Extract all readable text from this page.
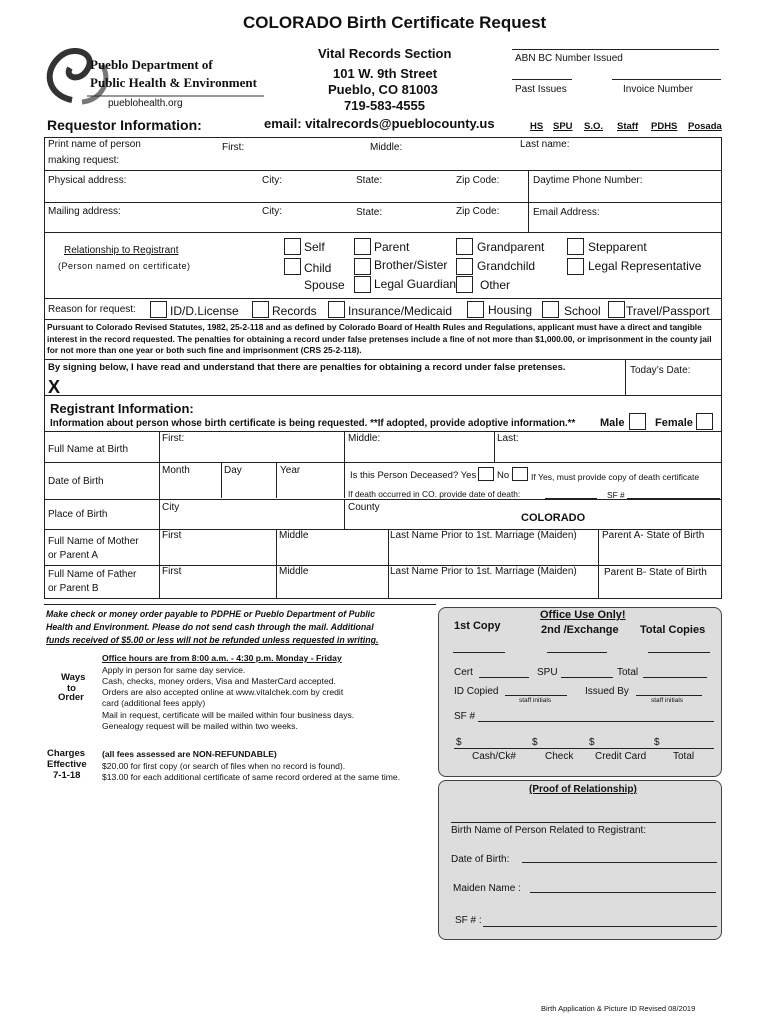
COLORADO Birth Certificate Request
Pueblo Department of
Public Health & Environment
pueblohealth.org
Vital Records Section
101 W. 9th Street
Pueblo, CO 81003
719-583-4555
email: vitalrecords@pueblocounty.us
ABN BC Number Issued
Past Issues	Invoice Number
HS SPU S.O. Staff PDHS Posada
Requestor Information:
Print name of person
making request:
First:	Middle:	Last name:
Physical address:	City:	State:	Zip Code:	Daytime Phone Number:
Mailing address:	City:	State:	Zip Code:	Email Address:
Relationship to Registrant
(Person named on certificate)
Self
Child
Spouse
Parent
Brother/Sister
Legal Guardian
Grandparent
Grandchild
Other
Stepparent
Legal Representative
Reason for request:	ID/D.License	Records	Insurance/Medicaid	Housing	School Travel/Passport
Pursuant to Colorado Revised Statutes, 1982, 25-2-118 and as defined by Colorado Board of Health Rules and Regulations, applicant must have a direct and tangible interest in the record requested. The penalties for obtaining a record under false pretenses include a fine of not more than $1,000.00, or imprisonment in the county jail for not more than one year or both such fine and imprisonment (CRS 25-2-118).
By signing below, I have read and understand that there are penalties for obtaining a record under false pretenses.	Today’s Date:
X
Registrant Information:
Information about person whose birth certificate is being requested. **If adopted, provide adoptive information.** Male	Female
Full Name at Birth
First:	Middle:	Last:
Date of Birth
Month	Day	Year	Is this Person Deceased? Yes No	If Yes, must provide copy of death certificate
If death occurred in CO. provide date of death:	SF #
Place of Birth
City	County
COLORADO
Full Name of Mother
or Parent A
First	Middle	Last Name Prior to 1st. Marriage (Maiden)	Parent A- State of Birth
Full Name of Father
or Parent B
First	Middle	Last Name Prior to 1st. Marriage (Maiden)	Parent B- State of Birth
Make check or money order payable to PDPHE or Pueblo Department of Public
Health and Environment. Please do not send cash through the mail. Additional
funds received of $5.00 or less will not be refunded unless requested in writing.
Ways
to
Order
Office hours are from 8:00 a.m. - 4:30 p.m. Monday - Friday
Apply in person for same day service.
Cash, checks, money orders, Visa and MasterCard accepted.
Orders are also accepted online at www.vitalchek.com by credit
card (additional fees apply)
Mail in request, certificate will be mailed within four business days.
Genealogy request will be mailed within two weeks.
Charges
Effective
7-1-18
(all fees assessed are NON-REFUNDABLE)
$20.00 for first copy (or search of files when no record is found).
$13.00 for each additional certificate of same record ordered at the same time.
Office Use Only!
1st Copy	2nd /Exchange Total Copies
Cert	SPU	Total
ID Copied
staff initials
Issued By
staff initials
SF #
$	$	$	$
Cash/Ck#	Check Credit Card	Total
(Proof of Relationship)
Birth Name of Person Related to Registrant:
Date of Birth:
Maiden Name :
SF # :
Birth Application & Picture ID Revised 08/2019
